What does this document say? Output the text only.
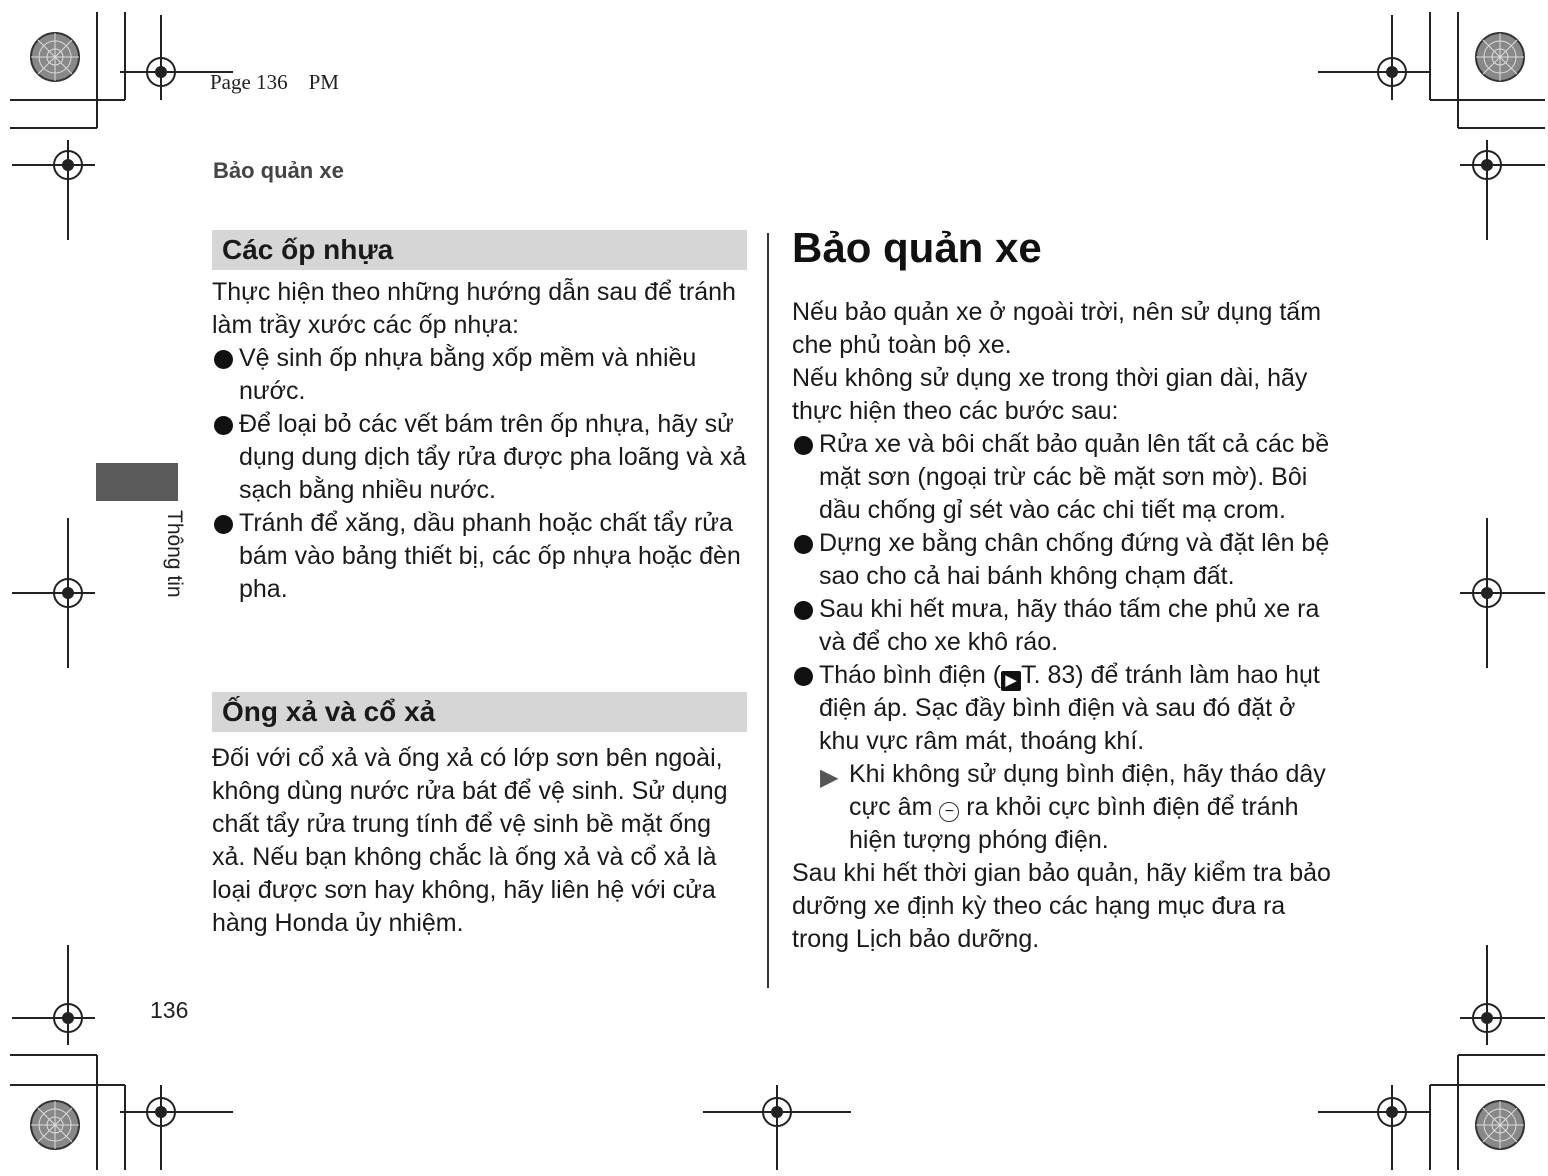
Page 136 PM
Bảo quản xe
Thông tin
Các ốp nhựa
Thực hiện theo những hướng dẫn sau để tránh làm trầy xước các ốp nhựa:
Vệ sinh ốp nhựa bằng xốp mềm và nhiều nước.
Để loại bỏ các vết bám trên ốp nhựa, hãy sử dụng dung dịch tẩy rửa được pha loãng và xả sạch bằng nhiều nước.
Tránh để xăng, dầu phanh hoặc chất tẩy rửa bám vào bảng thiết bị, các ốp nhựa hoặc đèn pha.
Ống xả và cổ xả
Đối với cổ xả và ống xả có lớp sơn bên ngoài, không dùng nước rửa bát để vệ sinh. Sử dụng chất tẩy rửa trung tính để vệ sinh bề mặt ống xả. Nếu bạn không chắc là ống xả và cổ xả là loại được sơn hay không, hãy liên hệ với cửa hàng Honda ủy nhiệm.
Bảo quản xe
Nếu bảo quản xe ở ngoài trời, nên sử dụng tấm che phủ toàn bộ xe.
Nếu không sử dụng xe trong thời gian dài, hãy thực hiện theo các bước sau:
Rửa xe và bôi chất bảo quản lên tất cả các bề mặt sơn (ngoại trừ các bề mặt sơn mờ). Bôi dầu chống gỉ sét vào các chi tiết mạ crom.
Dựng xe bằng chân chống đứng và đặt lên bệ sao cho cả hai bánh không chạm đất.
Sau khi hết mưa, hãy tháo tấm che phủ xe ra và để cho xe khô ráo.
Tháo bình điện ( ▶ T. 83) để tránh làm hao hụt điện áp. Sạc đầy bình điện và sau đó đặt ở khu vực râm mát, thoáng khí.
▶ Khi không sử dụng bình điện, hãy tháo dây cực âm − ra khỏi cực bình điện để tránh hiện tượng phóng điện.
Sau khi hết thời gian bảo quản, hãy kiểm tra bảo dưỡng xe định kỳ theo các hạng mục đưa ra trong Lịch bảo dưỡng.
136
